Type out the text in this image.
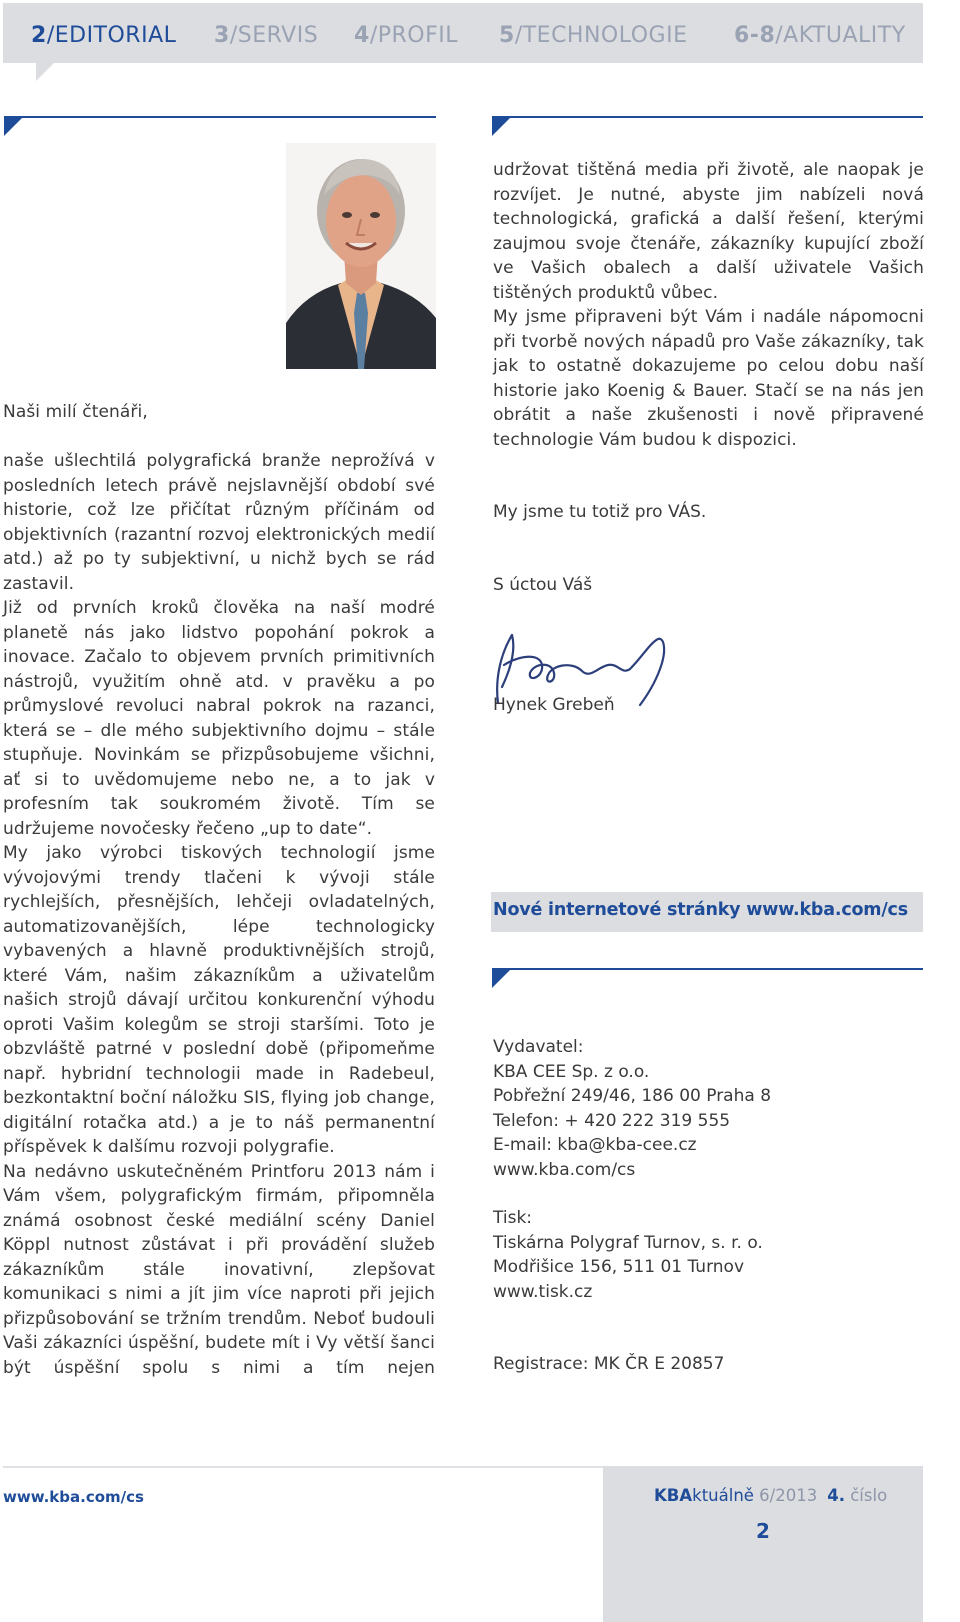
2/EDITORIAL 3/SERVIS 4/PROFIL 5/TECHNOLOGIE 6-8/AKTUALITY

Naši milí čtenáři,

naše ušlechtilá polygrafická branže neprožívá v posledních letech právě nejslavnější období své historie, což lze přičítat různým příčinám od objektivních (razantní rozvoj elektronických medií atd.) až po ty subjektivní, u nichž bych se rád zastavil.

Již od prvních kroků člověka na naší modré planetě nás jako lidstvo popohání pokrok a inovace. Začalo to objevem prvních primitivních nástrojů, využitím ohně atd. v pravěku a po průmyslové revoluci nabral pokrok na razanci, která se – dle mého subjektivního dojmu – stále stupňuje. Novinkám se přizpůsobujeme všichni, ať si to uvědomujeme nebo ne, a to jak v profesním tak soukromém životě. Tím se udržujeme novočesky řečeno „up to date“.

My jako výrobci tiskových technologií jsme vývojovými trendy tlačeni k vývoji stále rychlejších, přesnějších, lehčeji ovladatelných, automatizovanějších, lépe technologicky vybavených a hlavně produktivnějších strojů, které Vám, našim zákazníkům a uživatelům našich strojů dávají určitou konkurenční výhodu oproti Vašim kolegům se stroji staršími. Toto je obzvláště patrné v poslední době (připomeňme např. hybridní technologii made in Radebeul, bezkontaktní boční náložku SIS, flying job change, digitální rotačka atd.) a je to náš permanentní příspěvek k dalšímu rozvoji polygrafie.

Na nedávno uskutečněném Printforu 2013 nám i Vám všem, polygrafickým firmám, připomněla známá osobnost české mediální scény Daniel Köppl nutnost zůstávat i při provádění služeb zákazníkům stále inovativní, zlepšovat komunikaci s nimi a jít jim více naproti při jejich přizpůsobování se tržním trendům. Neboť budouli Vaši zákazníci úspěšní, budete mít i Vy větší šanci být úspěšní spolu s nimi a tím nejen

udržovat tištěná media při životě, ale naopak je rozvíjet. Je nutné, abyste jim nabízeli nová technologická, grafická a další řešení, kterými zaujmou svoje čtenáře, zákazníky kupující zboží ve Vašich obalech a další uživatele Vašich tištěných produktů vůbec.

My jsme připraveni být Vám i nadále nápomocni při tvorbě nových nápadů pro Vaše zákazníky, tak jak to ostatně dokazujeme po celou dobu naší historie jako Koenig & Bauer. Stačí se na nás jen obrátit a naše zkušenosti i nově připravené technologie Vám budou k dispozici.

My jsme tu totiž pro VÁS.
S úctou Váš
Hynek Grebeň
Nové internetové stránky www.kba.com/cs
Vydavatel:
KBA CEE Sp. z o.o.
Pobřežní 249/46, 186 00 Praha 8
Telefon: + 420 222 319 555
E-mail: kba@kba-cee.cz
www.kba.com/cs
Tisk:
Tiskárna Polygraf Turnov, s. r. o.
Modřišice 156, 511 01 Turnov
www.tisk.cz
Registrace: MK ČR E 20857
www.kba.com/cs	KBAktuálně 6/2013 4. číslo
2
